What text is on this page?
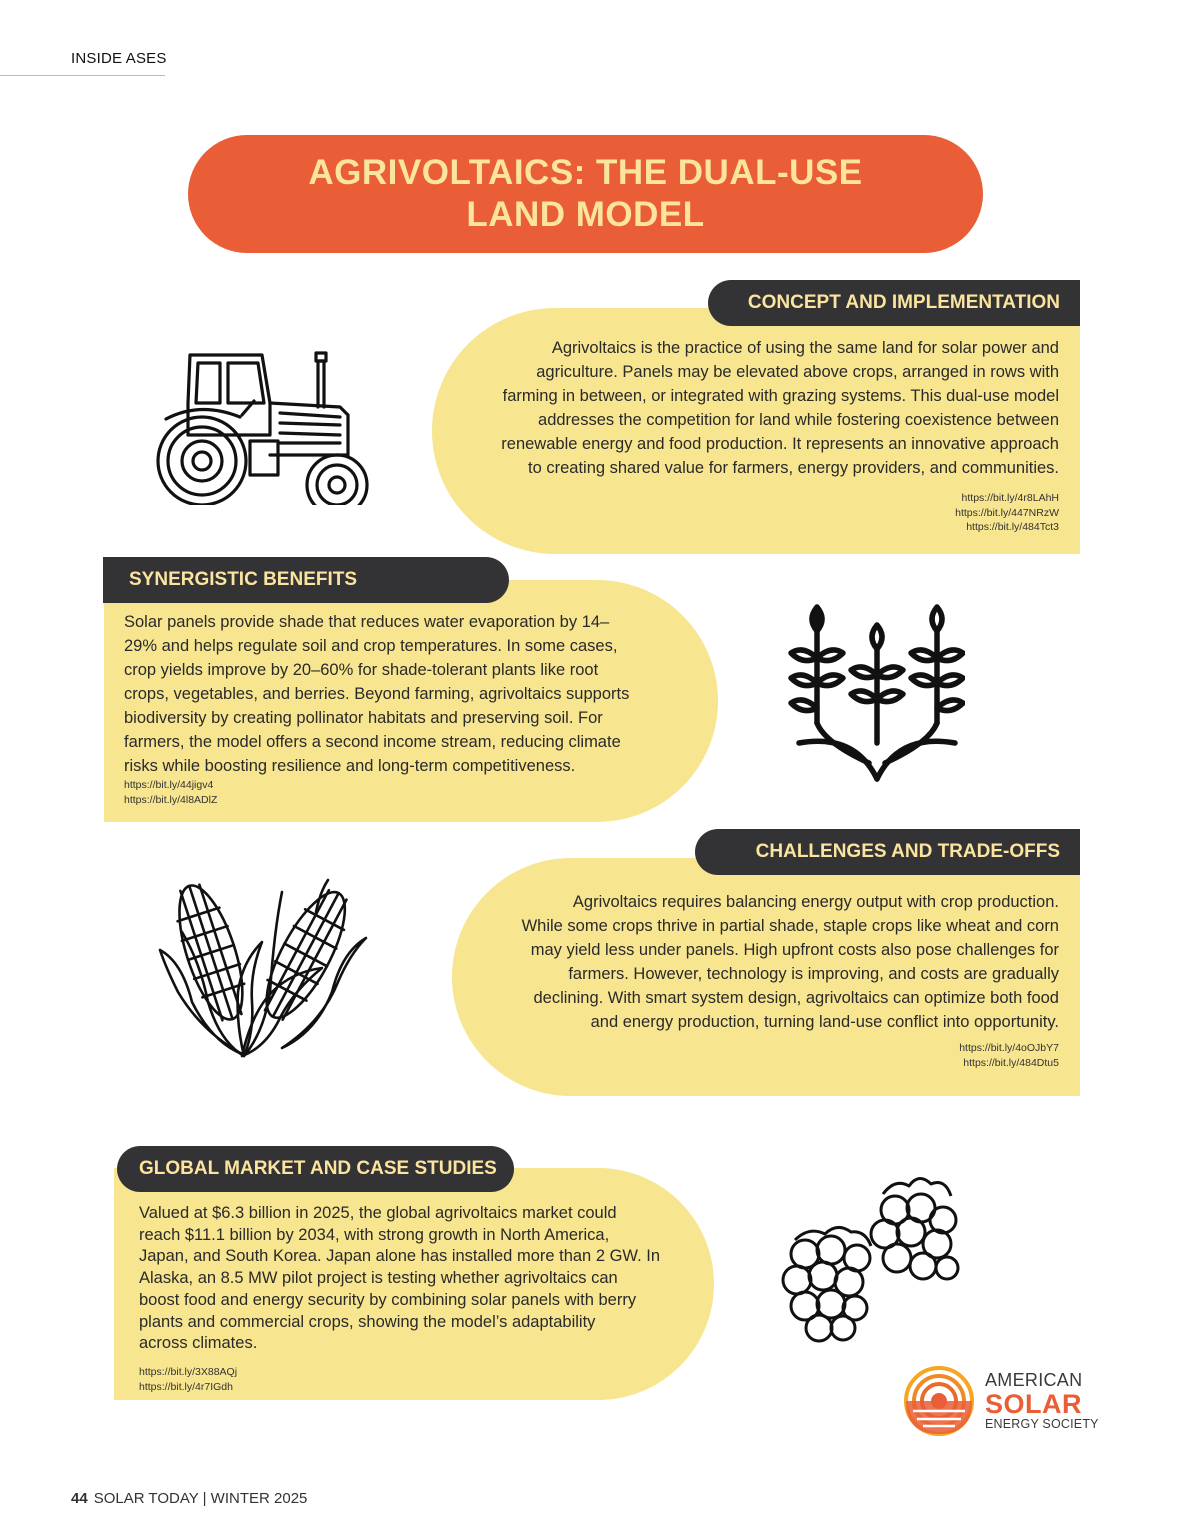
INSIDE ASES
AGRIVOLTAICS: THE DUAL-USE
LAND MODEL
CONCEPT AND IMPLEMENTATION
Agrivoltaics is the practice of using the same land for solar power and
agriculture. Panels may be elevated above crops, arranged in rows with
farming in between, or integrated with grazing systems. This dual-use model
addresses the competition for land while fostering coexistence between
renewable energy and food production. It represents an innovative approach
to creating shared value for farmers, energy providers, and communities.
https://bit.ly/4r8LAhH
https://bit.ly/447NRzW
https://bit.ly/484Tct3
SYNERGISTIC BENEFITS
Solar panels provide shade that reduces water evaporation by 14–
29% and helps regulate soil and crop temperatures. In some cases,
crop yields improve by 20–60% for shade-tolerant plants like root
crops, vegetables, and berries. Beyond farming, agrivoltaics supports
biodiversity by creating pollinator habitats and preserving soil. For
farmers, the model offers a second income stream, reducing climate
risks while boosting resilience and long-term competitiveness.
https://bit.ly/44jigv4
https://bit.ly/4l8ADlZ
CHALLENGES AND TRADE-OFFS
Agrivoltaics requires balancing energy output with crop production.
While some crops thrive in partial shade, staple crops like wheat and corn
may yield less under panels. High upfront costs also pose challenges for
farmers. However, technology is improving, and costs are gradually
declining. With smart system design, agrivoltaics can optimize both food
and energy production, turning land-use conflict into opportunity.
https://bit.ly/4oOJbY7
https://bit.ly/484Dtu5
GLOBAL MARKET AND CASE STUDIES
Valued at $6.3 billion in 2025, the global agrivoltaics market could
reach $11.1 billion by 2034, with strong growth in North America,
Japan, and South Korea. Japan alone has installed more than 2 GW. In
Alaska, an 8.5 MW pilot project is testing whether agrivoltaics can
boost food and energy security by combining solar panels with berry
plants and commercial crops, showing the model’s adaptability
across climates.
https://bit.ly/3X88AQj
https://bit.ly/4r7IGdh	AMERICAN
SOLAR
ENERGY SOCIETY
44 SOLAR TODAY | WINTER 2025
